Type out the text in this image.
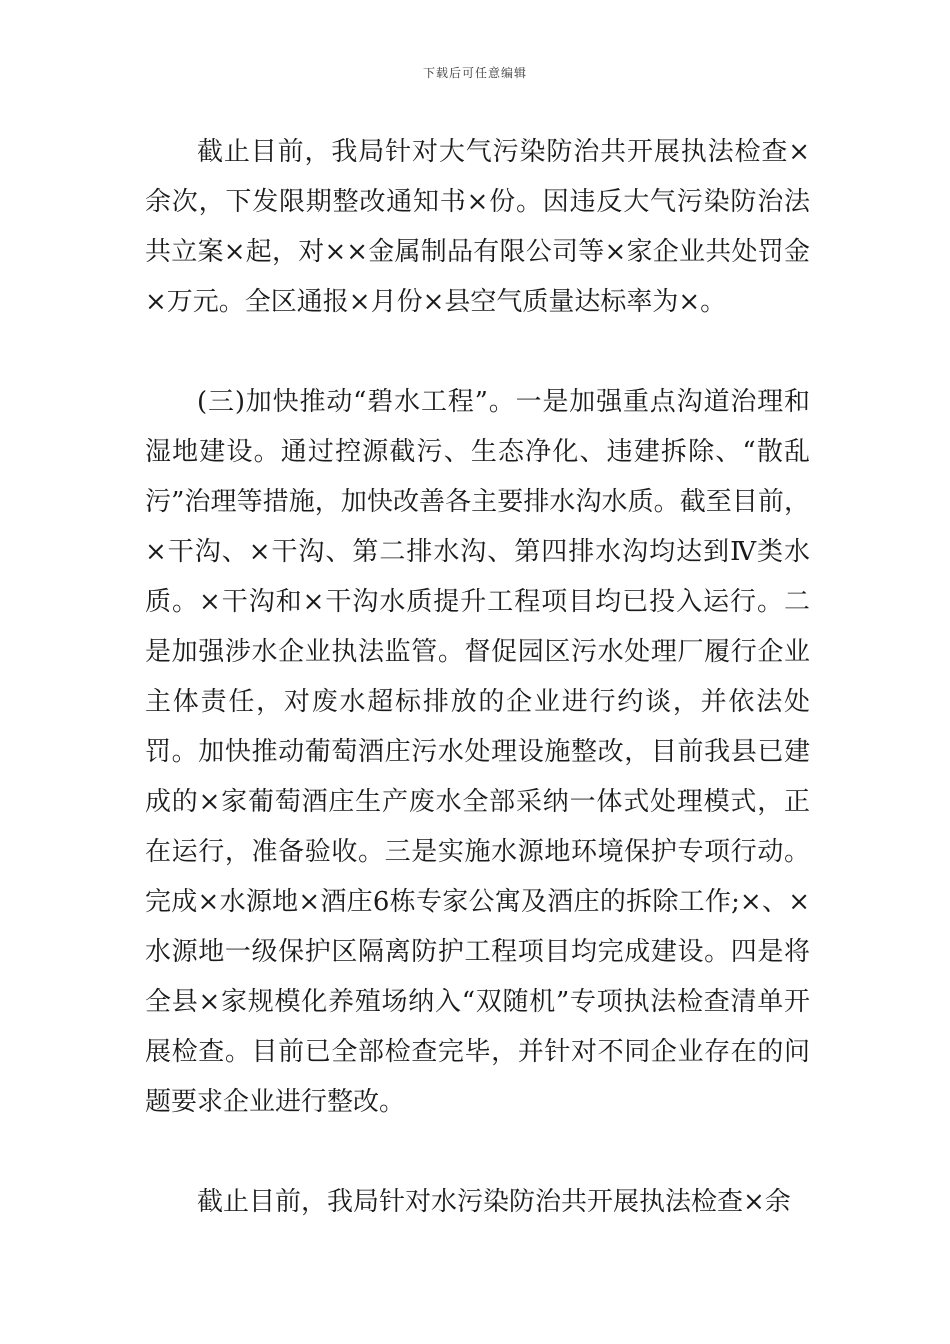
下载后可任意编辑

截止目前，我局针对大气污染防治共开展执法检查×余次，下发限期整改通知书×份。因违反大气污染防治法共立案×起，对××金属制品有限公司等×家企业共处罚金×万元。全区通报×月份×县空气质量达标率为×。

(三)加快推动“碧水工程”。一是加强重点沟道治理和湿地建设。通过控源截污、生态净化、违建拆除、“散乱污”治理等措施，加快改善各主要排水沟水质。截至目前，×干沟、×干沟、第二排水沟、第四排水沟均达到Ⅳ类水质。×干沟和×干沟水质提升工程项目均已投入运行。二是加强涉水企业执法监管。督促园区污水处理厂履行企业主体责任，对废水超标排放的企业进行约谈，并依法处罚。加快推动葡萄酒庄污水处理设施整改，目前我县已建成的×家葡萄酒庄生产废水全部采纳一体式处理模式，正在运行，准备验收。三是实施水源地环境保护专项行动。完成×水源地×酒庄6栋专家公寓及酒庄的拆除工作;×、×水源地一级保护区隔离防护工程项目均完成建设。四是将全县×家规模化养殖场纳入“双随机”专项执法检查清单开展检查。目前已全部检查完毕，并针对不同企业存在的问题要求企业进行整改。

截止目前，我局针对水污染防治共开展执法检查×余
